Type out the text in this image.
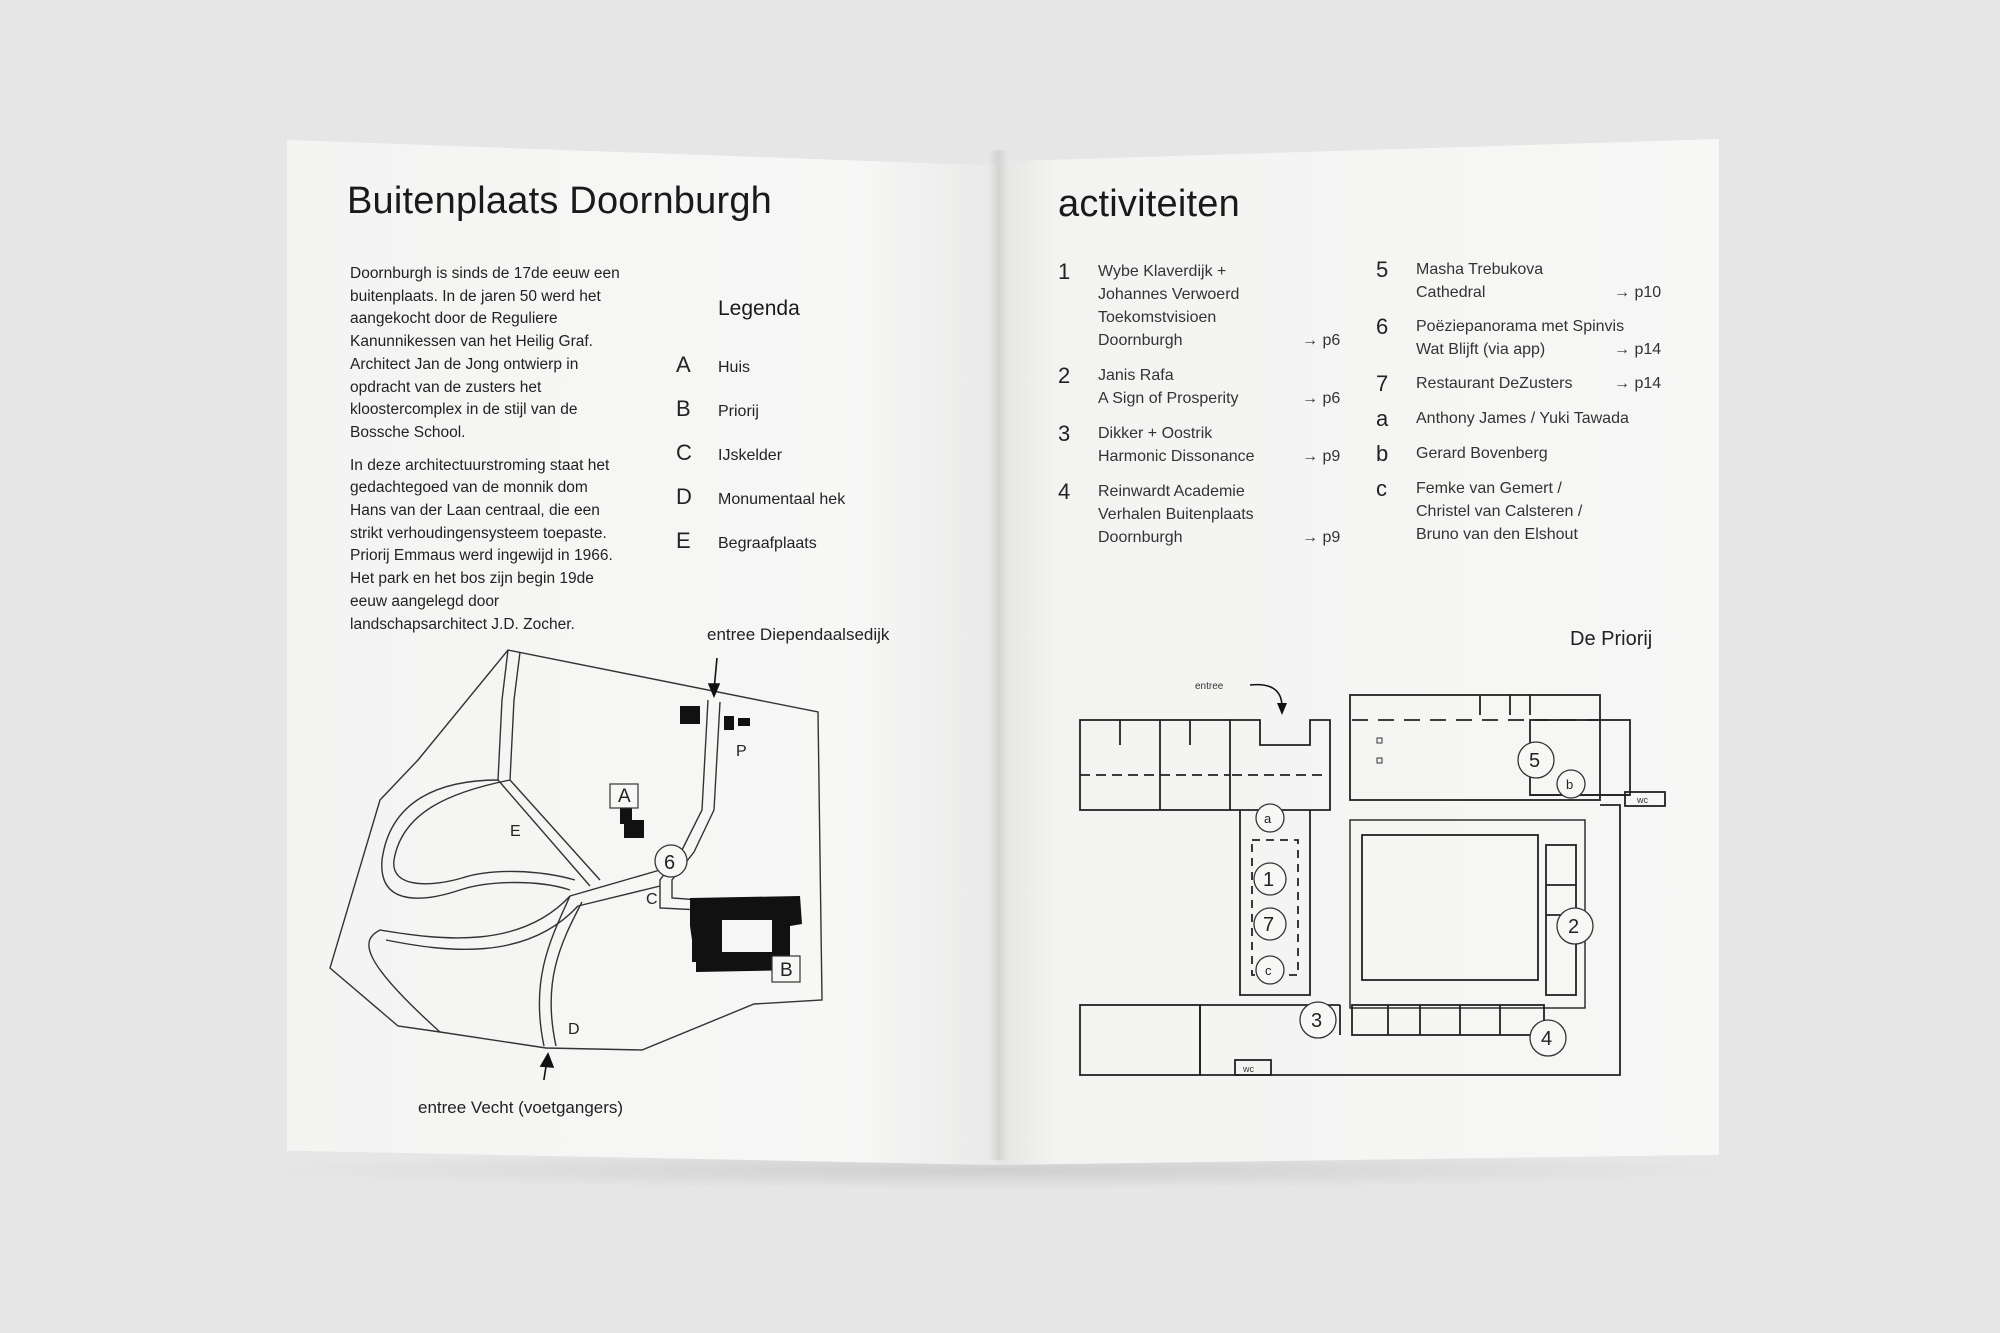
Buitenplaats Doornburgh

Doornburgh is sinds de 17de eeuw een buitenplaats. In de jaren 50 werd het aangekocht door de Reguliere Kanunnikessen van het Heilig Graf. Architect Jan de Jong ontwierp in opdracht van de zusters het kloostercomplex in de stijl van de Bossche School.

In deze architectuurstroming staat het gedachtegoed van de monnik dom Hans van der Laan centraal, die een strikt verhoudingensysteem toepaste. Priorij Emmaus werd ingewijd in 1966. Het park en het bos zijn begin 19de eeuw aangelegd door landschapsarchitect J.D. Zocher.

Legenda
A Huis
B Priorij
C IJskelder
D Monumentaal hek
E Begraafplaats
entree Diependaalsedijk
entree Vecht (voetgangers)
A
B
C
D
E
P
6
activiteiten
1 Wybe Klaverdijk +
Johannes Verwoerd
Toekomstvisioen
Doornburgh	→ p6
2 Janis Rafa
A Sign of Prosperity	→ p6
3 Dikker + Oostrik
Harmonic Dissonance	→ p9
4 Reinwardt Academie
Verhalen Buitenplaats
Doornburgh	→ p9
5 Masha Trebukova
Cathedral	→ p10
6 Poëziepanorama met Spinvis
Wat Blijft (via app)	→ p14
7 Restaurant DeZusters	→ p14
a Anthony James / Yuki Tawada
b Gerard Bovenberg
c Femke van Gemert /
Christel van Calsteren /
Bruno van den Elshout
De Priorij
entree
wc
wc
a
1
7
c
3
2
4
5
b
